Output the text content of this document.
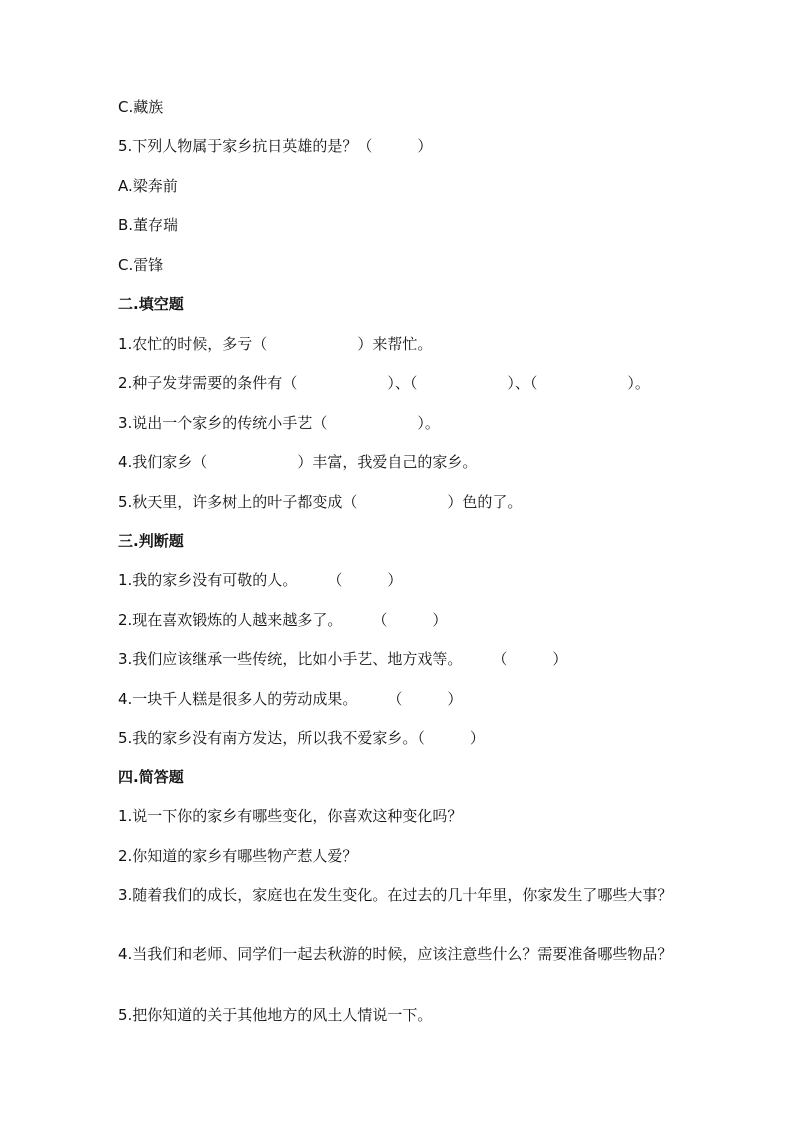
C.藏族
5.下列人物属于家乡抗日英雄的是？（　　　）
A.梁奔前
B.董存瑞
C.雷锋
二.填空题
1.农忙的时候，多亏（　　　　　　）来帮忙。
2.种子发芽需要的条件有（　　　　　　）、（　　　　　　）、（　　　　　　）。
3.说出一个家乡的传统小手艺（　　　　　　）。
4.我们家乡（　　　　　　）丰富，我爱自己的家乡。
5.秋天里，许多树上的叶子都变成（　　　　　　）色的了。
三.判断题
1.我的家乡没有可敬的人。　　　（　　　）
2.现在喜欢锻炼的人越来越多了。　　　（　　　）
3.我们应该继承一些传统，比如小手艺、地方戏等。　　　（　　　）
4.一块千人糕是很多人的劳动成果。　　　（　　　）
5.我的家乡没有南方发达，所以我不爱家乡。（　　　）
四.简答题
1.说一下你的家乡有哪些变化，你喜欢这种变化吗？
2.你知道的家乡有哪些物产惹人爱？
3.随着我们的成长，家庭也在发生变化。在过去的几十年里，你家发生了哪些大事？
4.当我们和老师、同学们一起去秋游的时候，应该注意些什么？需要准备哪些物品？
5.把你知道的关于其他地方的风土人情说一下。
